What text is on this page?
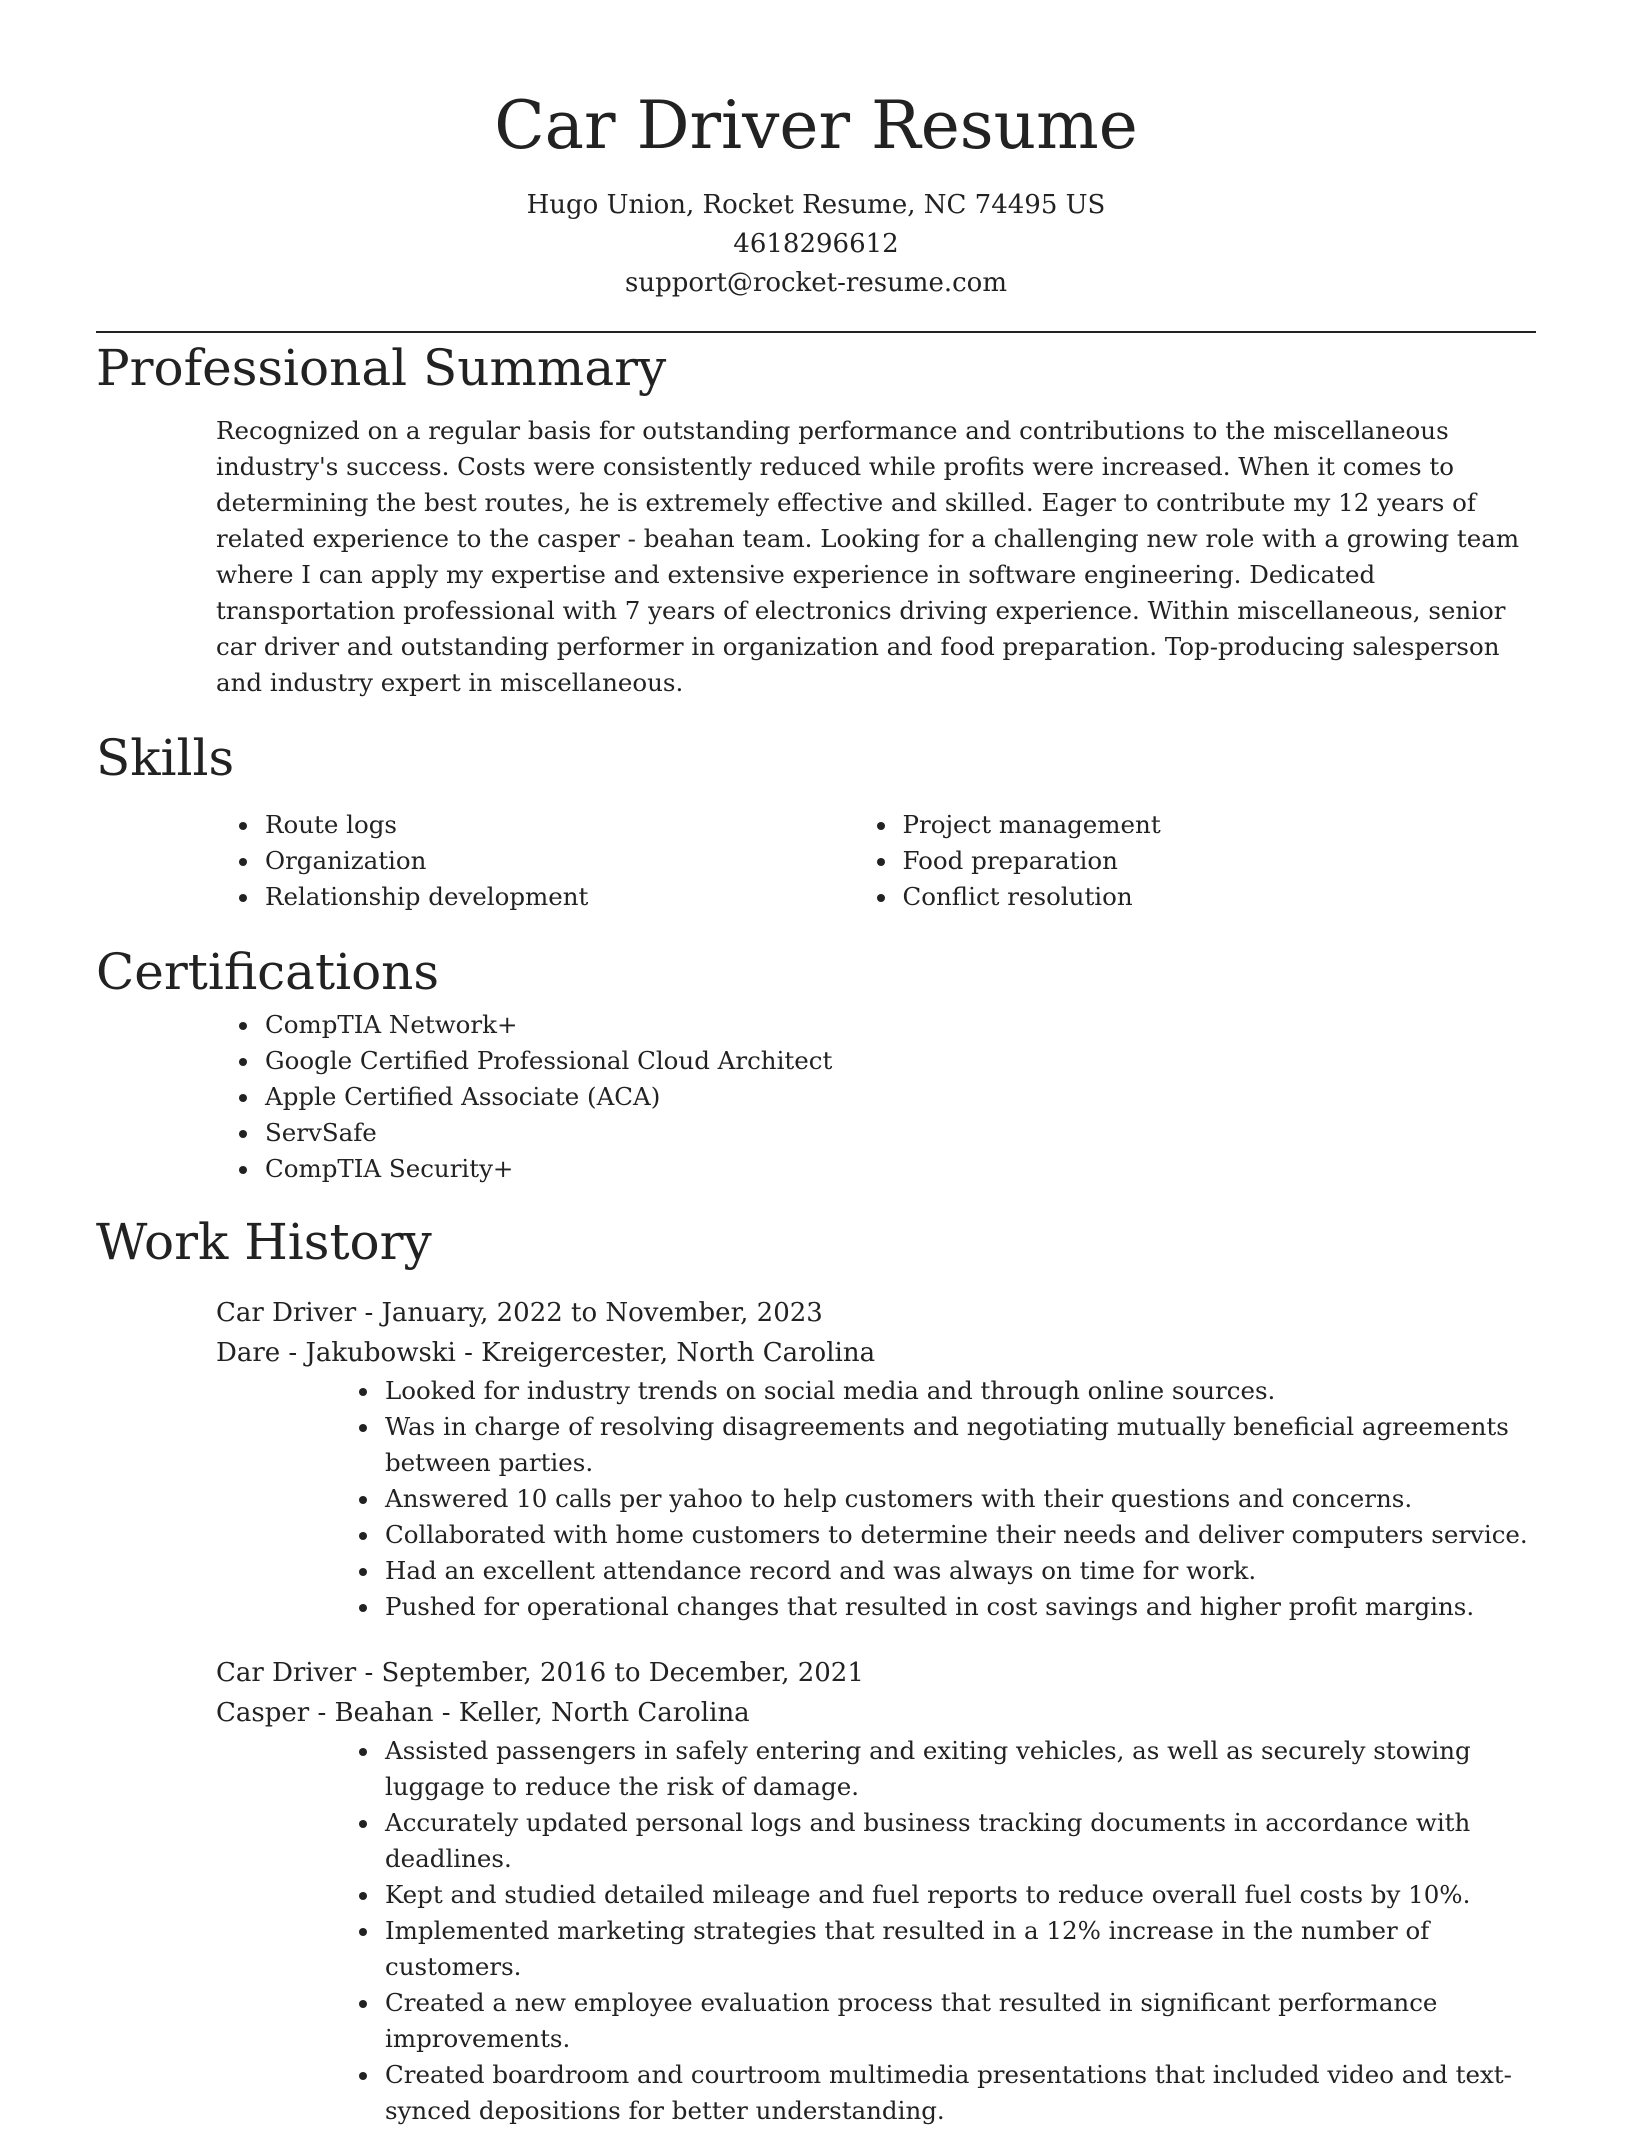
Car Driver Resume

Hugo Union, Rocket Resume, NC 74495 US

4618296612

support@rocket-resume.com

Professional Summary

Recognized on a regular basis for outstanding performance and contributions to the miscellaneous industry's success. Costs were consistently reduced while profits were increased. When it comes to determining the best routes, he is extremely effective and skilled. Eager to contribute my 12 years of related experience to the casper - beahan team. Looking for a challenging new role with a growing team where I can apply my expertise and extensive experience in software engineering. Dedicated transportation professional with 7 years of electronics driving experience. Within miscellaneous, senior car driver and outstanding performer in organization and food preparation. Top-producing salesperson and industry expert in miscellaneous.

Skills
• Route logs
• Organization
• Relationship development
• Project management
• Food preparation
• Conflict resolution
Certifications
• CompTIA Network+
• Google Certified Professional Cloud Architect
• Apple Certified Associate (ACA)
• ServSafe
• CompTIA Security+
Work History

Car Driver - January, 2022 to November, 2023

Dare - Jakubowski - Kreigercester, North Carolina

• Looked for industry trends on social media and through online sources.
• Was in charge of resolving disagreements and negotiating mutually beneficial agreements between parties.
• Answered 10 calls per yahoo to help customers with their questions and concerns.
• Collaborated with home customers to determine their needs and deliver computers service.
• Had an excellent attendance record and was always on time for work.
• Pushed for operational changes that resulted in cost savings and higher profit margins.

Car Driver - September, 2016 to December, 2021

Casper - Beahan - Keller, North Carolina

• Assisted passengers in safely entering and exiting vehicles, as well as securely stowing luggage to reduce the risk of damage.
• Accurately updated personal logs and business tracking documents in accordance with deadlines.
• Kept and studied detailed mileage and fuel reports to reduce overall fuel costs by 10%.
• Implemented marketing strategies that resulted in a 12% increase in the number of customers.
• Created a new employee evaluation process that resulted in significant performance improvements.
• Created boardroom and courtroom multimedia presentations that included video and text-synced depositions for better understanding.
